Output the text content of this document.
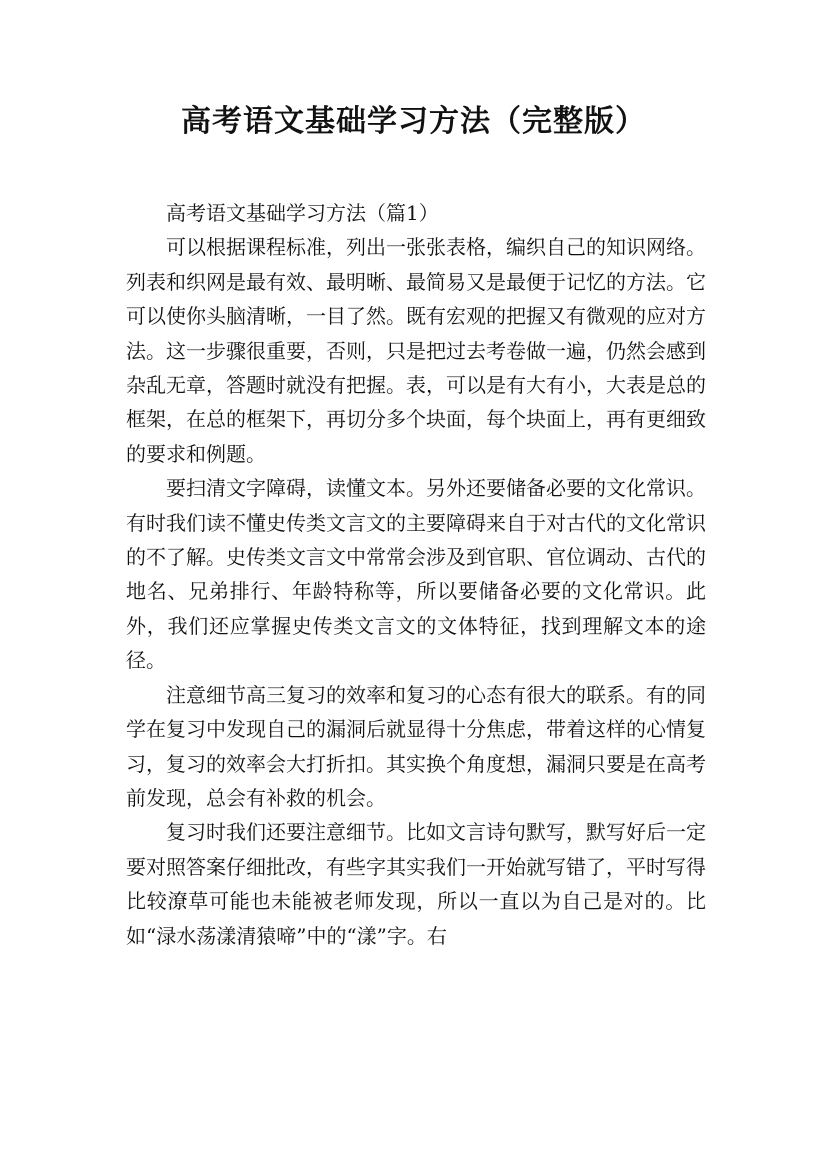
高考语文基础学习方法（完整版）

高考语文基础学习方法（篇1）

可以根据课程标准，列出一张张表格，编织自己的知识网络。列表和织网是最有效、最明晰、最简易又是最便于记忆的方法。它可以使你头脑清晰，一目了然。既有宏观的把握又有微观的应对方法。这一步骤很重要，否则，只是把过去考卷做一遍，仍然会感到杂乱无章，答题时就没有把握。表，可以是有大有小，大表是总的框架，在总的框架下，再切分多个块面，每个块面上，再有更细致的要求和例题。

要扫清文字障碍，读懂文本。另外还要储备必要的文化常识。有时我们读不懂史传类文言文的主要障碍来自于对古代的文化常识的不了解。史传类文言文中常常会涉及到官职、官位调动、古代的地名、兄弟排行、年龄特称等，所以要储备必要的文化常识。此外，我们还应掌握史传类文言文的文体特征，找到理解文本的途径。

注意细节高三复习的效率和复习的心态有很大的联系。有的同学在复习中发现自己的漏洞后就显得十分焦虑，带着这样的心情复习，复习的效率会大打折扣。其实换个角度想，漏洞只要是在高考前发现，总会有补救的机会。

复习时我们还要注意细节。比如文言诗句默写，默写好后一定要对照答案仔细批改，有些字其实我们一开始就写错了，平时写得比较潦草可能也未能被老师发现，所以一直以为自己是对的。比如“渌水荡漾清猿啼”中的“漾”字。右
